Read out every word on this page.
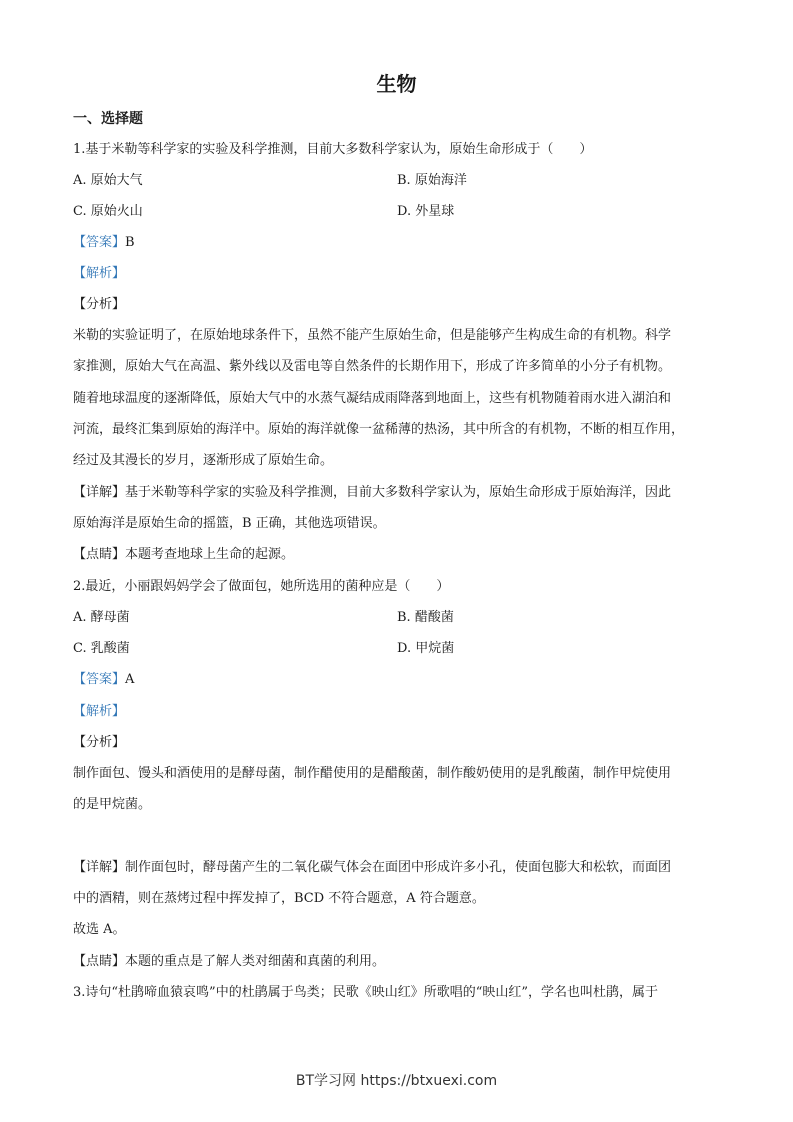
生物
一、选择题
1.基于米勒等科学家的实验及科学推测，目前大多数科学家认为，原始生命形成于（　　）
A. 原始大气	B. 原始海洋
C. 原始火山	D. 外星球
【答案】B
【解析】
【分析】
米勒的实验证明了，在原始地球条件下，虽然不能产生原始生命，但是能够产生构成生命的有机物。科学
家推测，原始大气在高温、紫外线以及雷电等自然条件的长期作用下，形成了许多简单的小分子有机物。
随着地球温度的逐渐降低，原始大气中的水蒸气凝结成雨降落到地面上，这些有机物随着雨水进入湖泊和
河流，最终汇集到原始的海洋中。原始的海洋就像一盆稀薄的热汤，其中所含的有机物，不断的相互作用，
经过及其漫长的岁月，逐渐形成了原始生命。
【详解】基于米勒等科学家的实验及科学推测，目前大多数科学家认为，原始生命形成于原始海洋，因此
原始海洋是原始生命的摇篮，B 正确，其他选项错误。
【点睛】本题考查地球上生命的起源。
2.最近，小丽跟妈妈学会了做面包，她所选用的菌种应是（　　）
A. 酵母菌	B. 醋酸菌
C. 乳酸菌	D. 甲烷菌
【答案】A
【解析】
【分析】
制作面包、馒头和酒使用的是酵母菌，制作醋使用的是醋酸菌，制作酸奶使用的是乳酸菌，制作甲烷使用
的是甲烷菌。
【详解】制作面包时，酵母菌产生的二氧化碳气体会在面团中形成许多小孔，使面包膨大和松软，而面团
中的酒精，则在蒸烤过程中挥发掉了，BCD 不符合题意，A 符合题意。
故选 A。
【点睛】本题的重点是了解人类对细菌和真菌的利用。
3.诗句“杜鹃啼血猿哀鸣”中的杜鹃属于鸟类；民歌《映山红》所歌唱的“映山红”，学名也叫杜鹃，属于
BT学习网 https://btxuexi.com
